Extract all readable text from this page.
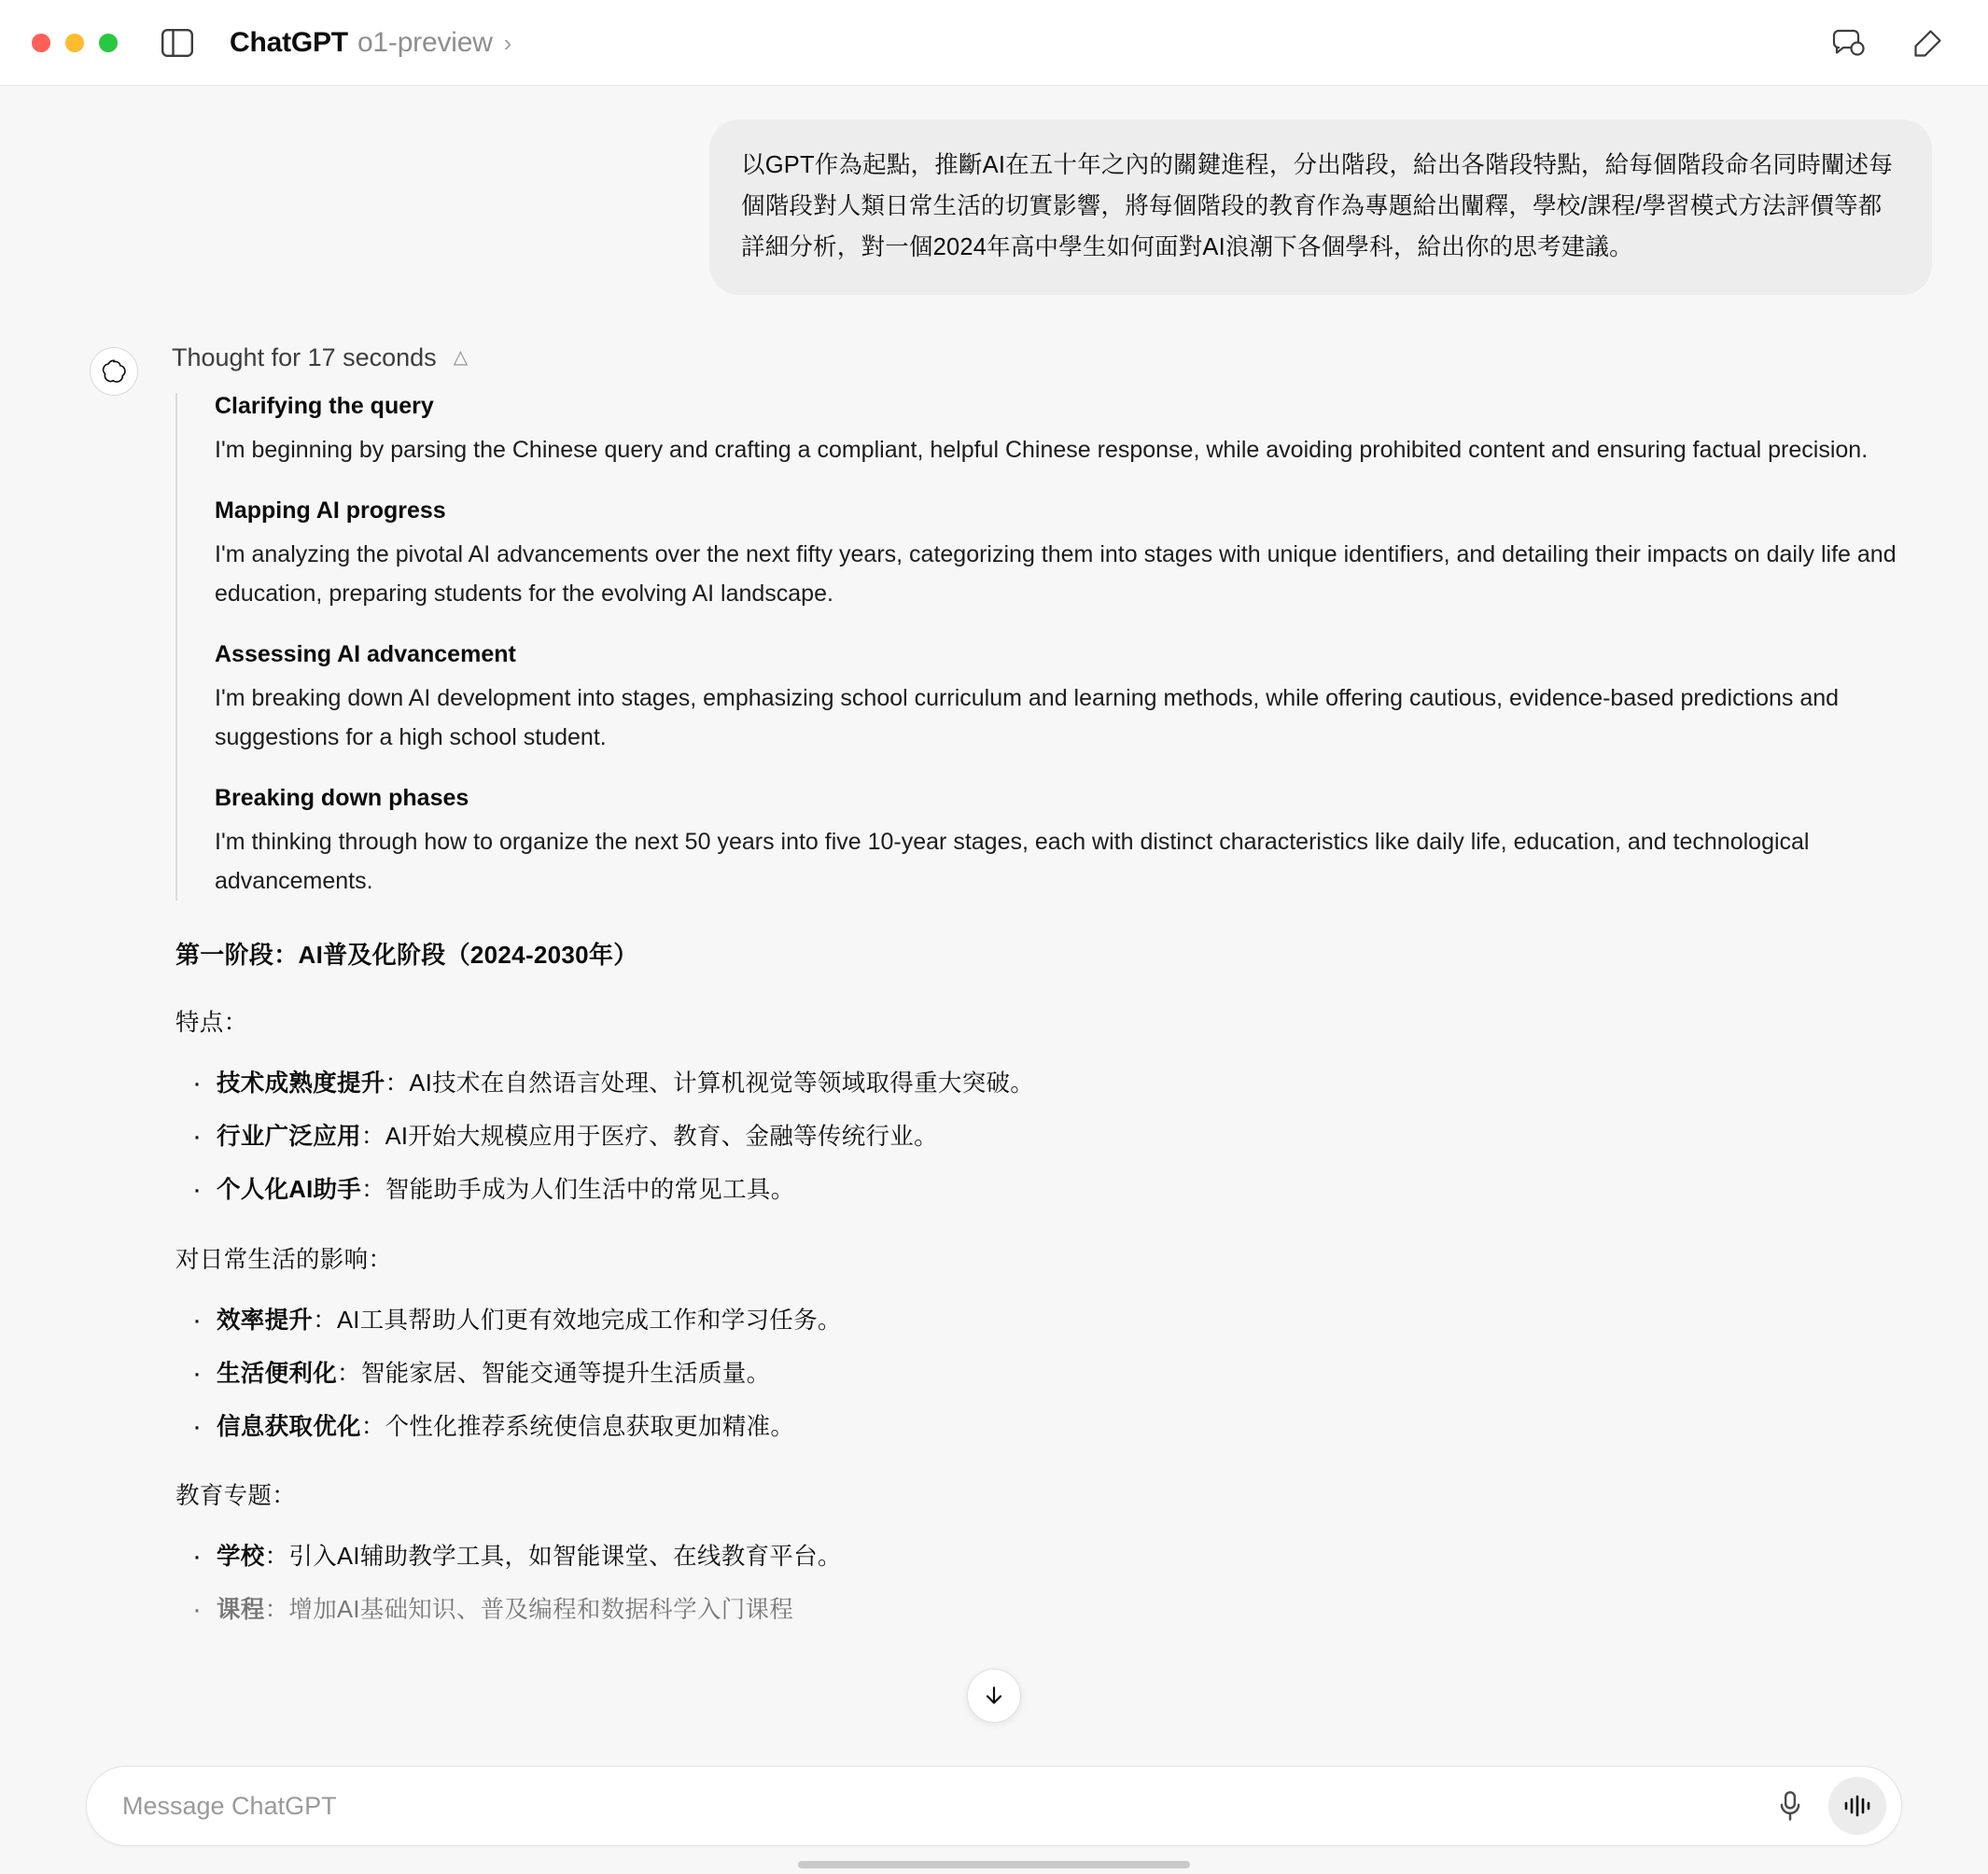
ChatGPT o1-preview ›
以GPT作為起點，推斷AI在五十年之內的關鍵進程，分出階段，給出各階段特點，給每個階段命名同時闡述每個階段對人類日常生活的切實影響，將每個階段的教育作為專題給出闡釋，學校/課程/學習模式方法評價等都詳細分析，對一個2024年高中學生如何面對AI浪潮下各個學科，給出你的思考建議。
Thought for 17 seconds △
Clarifying the query
I'm beginning by parsing the Chinese query and crafting a compliant, helpful Chinese response, while avoiding prohibited content and ensuring factual precision.
Mapping AI progress
I'm analyzing the pivotal AI advancements over the next fifty years, categorizing them into stages with unique identifiers, and detailing their impacts on daily life and education, preparing students for the evolving AI landscape.
Assessing AI advancement
I'm breaking down AI development into stages, emphasizing school curriculum and learning methods, while offering cautious, evidence-based predictions and suggestions for a high school student.
Breaking down phases
I'm thinking through how to organize the next 50 years into five 10-year stages, each with distinct characteristics like daily life, education, and technological advancements.
第一阶段：AI普及化阶段（2024-2030年）

特点：

· 技术成熟度提升：AI技术在自然语言处理、计算机视觉等领域取得重大突破。
· 行业广泛应用：AI开始大规模应用于医疗、教育、金融等传统行业。
· 个人化AI助手：智能助手成为人们生活中的常见工具。

对日常生活的影响：

· 效率提升：AI工具帮助人们更有效地完成工作和学习任务。
· 生活便利化：智能家居、智能交通等提升生活质量。
· 信息获取优化：个性化推荐系统使信息获取更加精准。

教育专题：

· 学校：引入AI辅助教学工具，如智能课堂、在线教育平台。
· 课程：增加AI基础知识、普及编程和数据科学入门课程
Message ChatGPT
